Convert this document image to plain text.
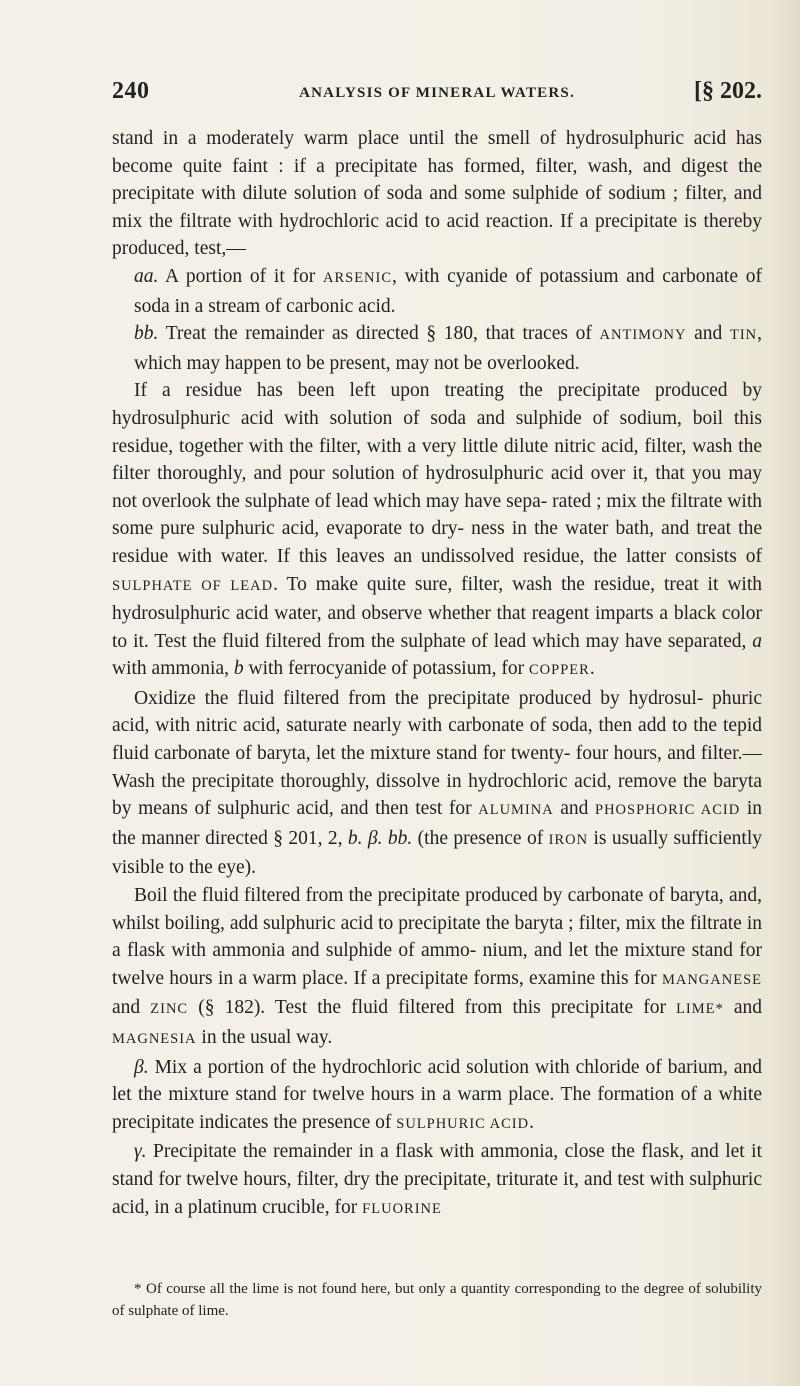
240	ANALYSIS OF MINERAL WATERS.	[§ 202.

stand in a moderately warm place until the smell of hydrosulphuric acid has become quite faint : if a precipitate has formed, filter, wash, and digest the precipitate with dilute solution of soda and some sulphide of sodium ; filter, and mix the filtrate with hydrochloric acid to acid reaction. If a precipitate is thereby produced, test,—

aa. A portion of it for ARSENIC, with cyanide of potassium and carbonate of soda in a stream of carbonic acid.

bb. Treat the remainder as directed § 180, that traces of ANTIMONY and TIN, which may happen to be present, may not be overlooked.

If a residue has been left upon treating the precipitate produced by hydrosulphuric acid with solution of soda and sulphide of sodium, boil this residue, together with the filter, with a very little dilute nitric acid, filter, wash the filter thoroughly, and pour solution of hydrosulphuric acid over it, that you may not overlook the sulphate of lead which may have sepa- rated ; mix the filtrate with some pure sulphuric acid, evaporate to dry- ness in the water bath, and treat the residue with water. If this leaves an undissolved residue, the latter consists of SULPHATE OF LEAD. To make quite sure, filter, wash the residue, treat it with hydrosulphuric acid water, and observe whether that reagent imparts a black color to it. Test the fluid filtered from the sulphate of lead which may have separated, a with ammonia, b with ferrocyanide of potassium, for COPPER.

Oxidize the fluid filtered from the precipitate produced by hydrosul- phuric acid, with nitric acid, saturate nearly with carbonate of soda, then add to the tepid fluid carbonate of baryta, let the mixture stand for twenty- four hours, and filter.—Wash the precipitate thoroughly, dissolve in hydrochloric acid, remove the baryta by means of sulphuric acid, and then test for ALUMINA and PHOSPHORIC ACID in the manner directed § 201, 2, b. β. bb. (the presence of IRON is usually sufficiently visible to the eye).

Boil the fluid filtered from the precipitate produced by carbonate of baryta, and, whilst boiling, add sulphuric acid to precipitate the baryta ; filter, mix the filtrate in a flask with ammonia and sulphide of ammo- nium, and let the mixture stand for twelve hours in a warm place. If a precipitate forms, examine this for MANGANESE and ZINC (§ 182). Test the fluid filtered from this precipitate for LIME* and MAGNESIA in the usual way.

β. Mix a portion of the hydrochloric acid solution with chloride of barium, and let the mixture stand for twelve hours in a warm place. The formation of a white precipitate indicates the presence of SULPHURIC ACID.

γ. Precipitate the remainder in a flask with ammonia, close the flask, and let it stand for twelve hours, filter, dry the precipitate, triturate it, and test with sulphuric acid, in a platinum crucible, for FLUORINE

* Of course all the lime is not found here, but only a quantity corresponding to the degree of solubility of sulphate of lime.
